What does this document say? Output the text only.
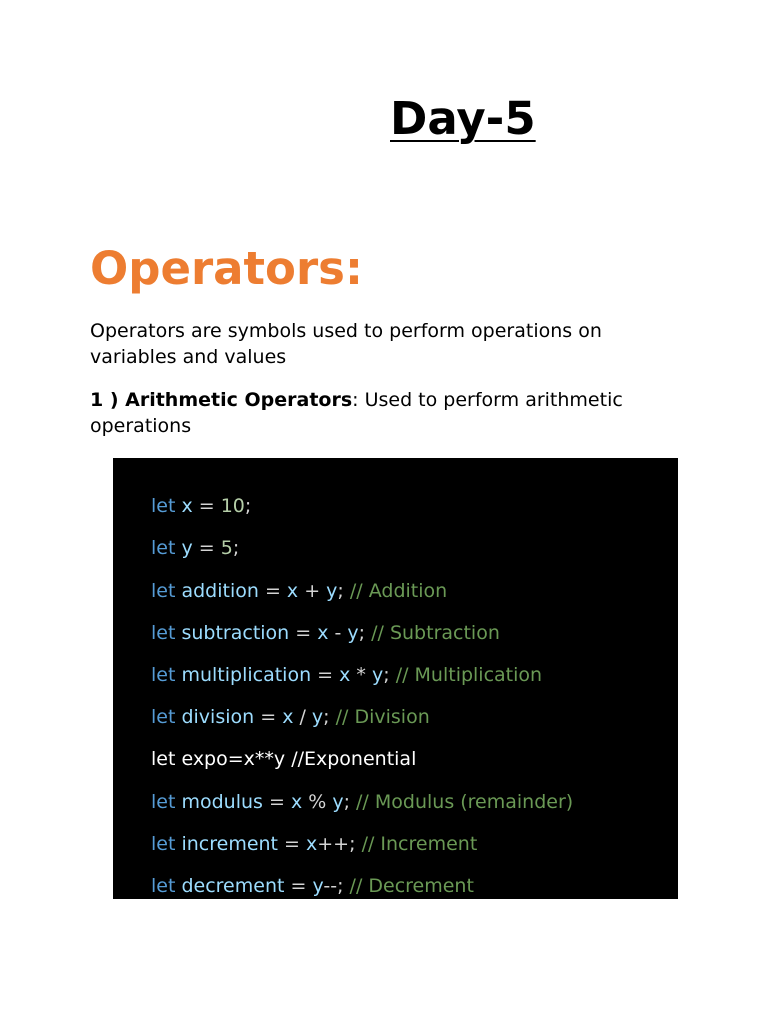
Day-5
Operators:

Operators are symbols used to perform operations on variables and values

1 ) Arithmetic Operators: Used to perform arithmetic operations

let x = 10;
let y = 5;
let addition = x + y; // Addition
let subtraction = x - y; // Subtraction
let multiplication = x * y; // Multiplication
let division = x / y; // Division
let expo=x**y //Exponential
let modulus = x % y; // Modulus (remainder)
let increment = x++; // Increment
let decrement = y--; // Decrement
